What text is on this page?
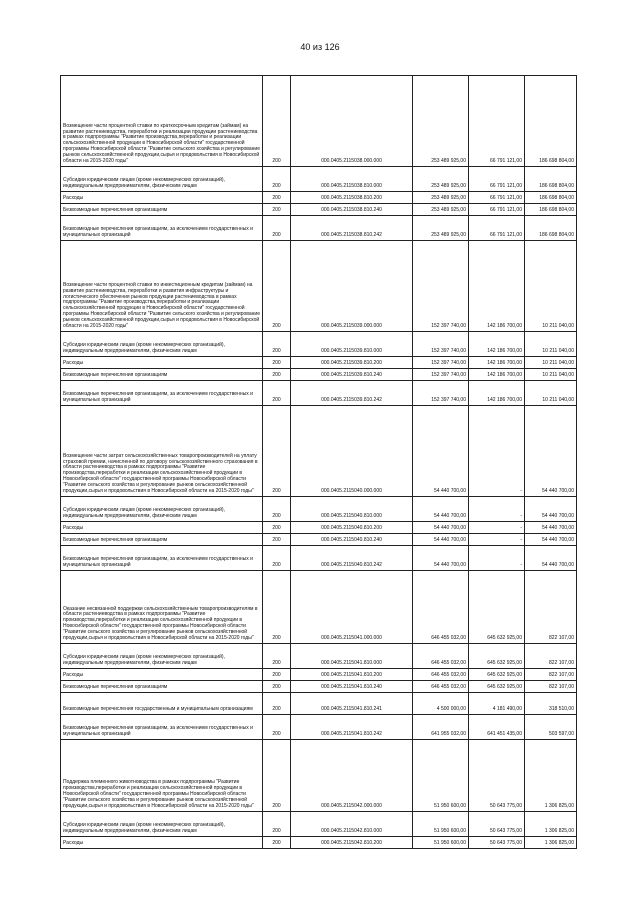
40 из 126
Возмещение части процентной ставки по краткосрочным кредитам (займам) на развитие растениеводства, переработки и реализации продукции растениеводства в рамках подпрограммы "Развитие производства,переработки и реализации сельскохозяйственной продукции в Новосибирской области" государственной программы Новосибирской области "Развитие сельского хозяйства и регулирование рынков сельскохозяйственной продукции,сырья и продовольствия в Новосибирской области на 2015-2020 годы"	200	000.0405.2115038.000.000	253 489 925,00	66 791 121,00	186 698 804,00
Субсидии юридическим лицам (кроме некоммерческих организаций), индивидуальным предпринимателям, физическим лицам	200	000.0405.2115038.810.000	253 489 925,00	66 791 121,00	186 698 804,00
Расходы	200	000.0405.2115038.810.200	253 489 925,00	66 791 121,00	186 698 804,00
Безвозмездные перечисления организациям	200	000.0405.2115038.810.240	253 489 925,00	66 791 121,00	186 698 804,00
Безвозмездные перечисления организациям, за исключением государственных и муниципальных организаций	200	000.0405.2115038.810.242	253 489 925,00	66 791 121,00	186 698 804,00
Возмещение части процентной ставки по инвестиционным кредитам (займам) на развитие растениеводства, переработки и развития инфраструктуры и логистического обеспечения рынков продукции растениеводства в рамках подпрограммы "Развитие производства,переработки и реализации сельскохозяйственной продукции в Новосибирской области" государственной программы Новосибирской области "Развитие сельского хозяйства и регулирование рынков сельскохозяйственной продукции,сырья и продовольствия в Новосибирской области на 2015-2020 годы"	200	000.0405.2115039.000.000	152 397 740,00	142 186 700,00	10 211 040,00
Субсидии юридическим лицам (кроме некоммерческих организаций), индивидуальным предпринимателям, физическим лицам	200	000.0405.2115039.810.000	152 397 740,00	142 186 700,00	10 211 040,00
Расходы	200	000.0405.2115039.810.200	152 397 740,00	142 186 700,00	10 211 040,00
Безвозмездные перечисления организациям	200	000.0405.2115039.810.240	152 397 740,00	142 186 700,00	10 211 040,00
Безвозмездные перечисления организациям, за исключением государственных и муниципальных организаций	200	000.0405.2115039.810.242	152 397 740,00	142 186 700,00	10 211 040,00
Возмещение части затрат сельскохозяйственных товаропроизводителей на уплату страховой премии, начисленной по договору сельскохозяйственного страхования в области растениеводства в рамках подпрограммы "Развитие производства,переработки и реализации сельскохозяйственной продукции в Новосибирской области" государственной программы Новосибирской области "Развитие сельского хозяйства и регулирование рынков сельскохозяйственной продукции,сырья и продовольствия в Новосибирской области на 2015-2020 годы"	200	000.0405.2115040.000.000	54 440 700,00	-	54 440 700,00
Субсидии юридическим лицам (кроме некоммерческих организаций), индивидуальным предпринимателям, физическим лицам	200	000.0405.2115040.810.000	54 440 700,00	-	54 440 700,00
Расходы	200	000.0405.2115040.810.200	54 440 700,00	-	54 440 700,00
Безвозмездные перечисления организациям	200	000.0405.2115040.810.240	54 440 700,00	-	54 440 700,00
Безвозмездные перечисления организациям, за исключением государственных и муниципальных организаций	200	000.0405.2115040.810.242	54 440 700,00	-	54 440 700,00
Оказание несвязанной поддержки сельскохозяйственным товаропроизводителям в области растениеводства в рамках подпрограммы "Развитие производства,переработки и реализации сельскохозяйственной продукции в Новосибирской области" государственной программы Новосибирской области "Развитие сельского хозяйства и регулирование рынков сельскохозяйственной продукции,сырья и продовольствия в Новосибирской области на 2015-2020 годы"	200	000.0405.2115041.000.000	646 455 032,00	645 632 925,00	822 107,00
Субсидии юридическим лицам (кроме некоммерческих организаций), индивидуальным предпринимателям, физическим лицам	200	000.0405.2115041.810.000	646 455 032,00	645 632 925,00	822 107,00
Расходы	200	000.0405.2115041.810.200	646 455 032,00	645 632 925,00	822 107,00
Безвозмездные перечисления организациям	200	000.0405.2115041.810.240	646 455 032,00	645 632 925,00	822 107,00
Безвозмездные перечисления государственным и муниципальным организациям	200	000.0405.2115041.810.241	4 500 000,00	4 181 490,00	318 510,00
Безвозмездные перечисления организациям, за исключением государственных и муниципальных организаций	200	000.0405.2115041.810.242	641 955 032,00	641 451 435,00	503 597,00
Поддержка племенного животноводства в рамках подпрограммы "Развитие производства,переработки и реализации сельскохозяйственной продукции в Новосибирской области" государственной программы Новосибирской области "Развитие сельского хозяйства и регулирование рынков сельскохозяйственной продукции,сырья и продовольствия в Новосибирской области на 2015-2020 годы"	200	000.0405.2115042.000.000	51 950 600,00	50 643 775,00	1 306 825,00
Субсидии юридическим лицам (кроме некоммерческих организаций), индивидуальным предпринимателям, физическим лицам	200	000.0405.2115042.810.000	51 950 600,00	50 643 775,00	1 306 825,00
Расходы	200	000.0405.2115042.810.200	51 950 600,00	50 643 775,00	1 306 825,00
